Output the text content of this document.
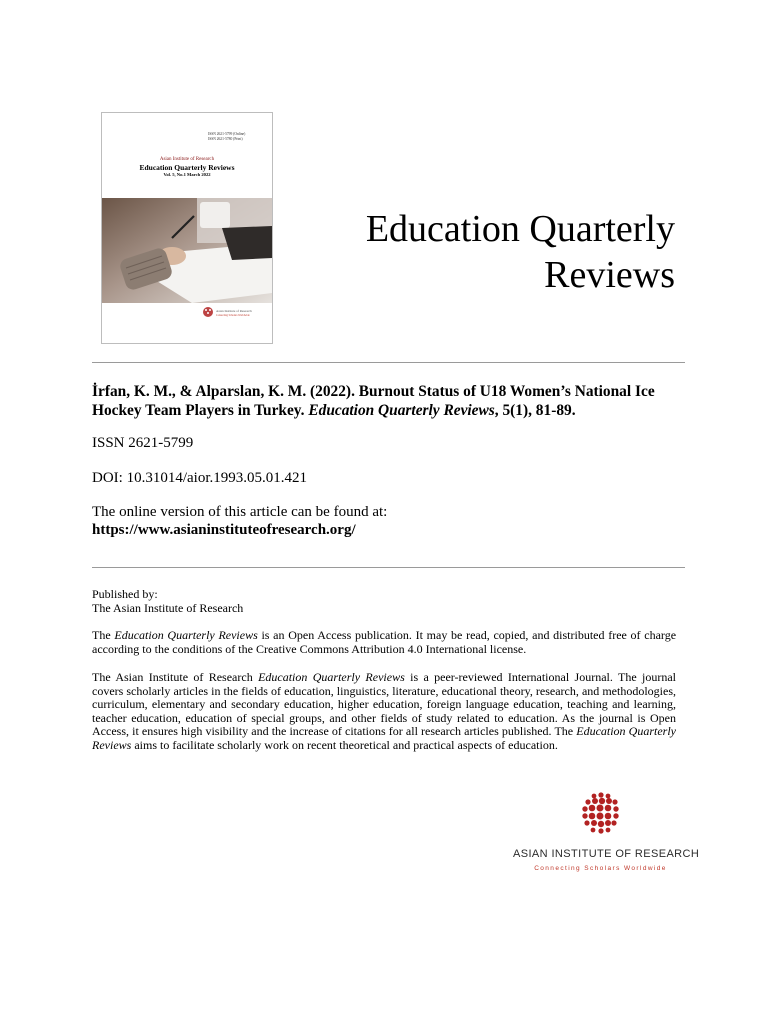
ISSN 2621-5799 (Online)
ISSN 2621-5780 (Print)
Asian Institute of Research
Education Quarterly Reviews
Vol. 5, No.1 March 2022
Asian Institute of Research
Connecting Scholars Worldwide
Education Quarterly
Reviews

İrfan, K. M., & Alparslan, K. M. (2022). Burnout Status of U18 Women’s National Ice Hockey Team Players in Turkey. Education Quarterly Reviews, 5(1), 81-89.

ISSN 2621-5799

DOI: 10.31014/aior.1993.05.01.421

The online version of this article can be found at:
https://www.asianinstituteofresearch.org/
Published by:
The Asian Institute of Research

The Education Quarterly Reviews is an Open Access publication. It may be read, copied, and distributed free of charge according to the conditions of the Creative Commons Attribution 4.0 International license.

The Asian Institute of Research Education Quarterly Reviews is a peer-reviewed International Journal. The journal covers scholarly articles in the fields of education, linguistics, literature, educational theory, research, and methodologies, curriculum, elementary and secondary education, higher education, foreign language education, teaching and learning, teacher education, education of special groups, and other fields of study related to education. As the journal is Open Access, it ensures high visibility and the increase of citations for all research articles published. The Education Quarterly Reviews aims to facilitate scholarly work on recent theoretical and practical aspects of education.

ASIAN INSTITUTE OF RESEARCH
Connecting Scholars Worldwide
